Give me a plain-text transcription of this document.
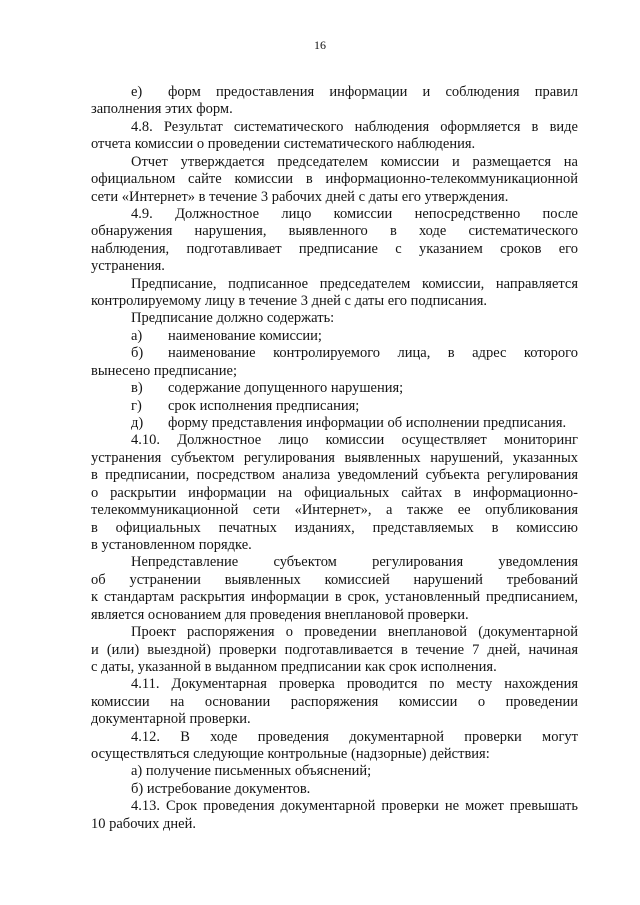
16
е)	форм предоставления информации и соблюдения правил
заполнения этих форм.
4.8. Результат систематического наблюдения оформляется в виде
отчета комиссии о проведении систематического наблюдения.
Отчет утверждается председателем комиссии и размещается на
официальном сайте комиссии в информационно-телекоммуникационной
сети «Интернет» в течение 3 рабочих дней с даты его утверждения.
4.9. Должностное лицо комиссии непосредственно после
обнаружения нарушения, выявленного в ходе систематического
наблюдения, подготавливает предписание с указанием сроков его
устранения.
Предписание, подписанное председателем комиссии, направляется
контролируемому лицу в течение 3 дней с даты его подписания.
Предписание должно содержать:
а)	наименование комиссии;
б)	наименование контролируемого лица, в адрес которого
вынесено предписание;
в)	содержание допущенного нарушения;
г)	срок исполнения предписания;
д)	форму представления информации об исполнении предписания.
4.10. Должностное лицо комиссии осуществляет мониторинг
устранения субъектом регулирования выявленных нарушений, указанных
в предписании, посредством анализа уведомлений субъекта регулирования
о раскрытии информации на официальных сайтах в информационно-
телекоммуникационной сети «Интернет», а также ее опубликования
в официальных печатных изданиях, представляемых в комиссию
в установленном порядке.
Непредставление субъектом регулирования уведомления
об устранении выявленных комиссией нарушений требований
к стандартам раскрытия информации в срок, установленный предписанием,
является основанием для проведения внеплановой проверки.
Проект распоряжения о проведении внеплановой (документарной
и (или) выездной) проверки подготавливается в течение 7 дней, начиная
с даты, указанной в выданном предписании как срок исполнения.
4.11. Документарная проверка проводится по месту нахождения
комиссии на основании распоряжения комиссии о проведении
документарной проверки.
4.12. В ходе проведения документарной проверки могут
осуществляться следующие контрольные (надзорные) действия:
а) получение письменных объяснений;
б) истребование документов.
4.13. Срок проведения документарной проверки не может превышать
10 рабочих дней.
